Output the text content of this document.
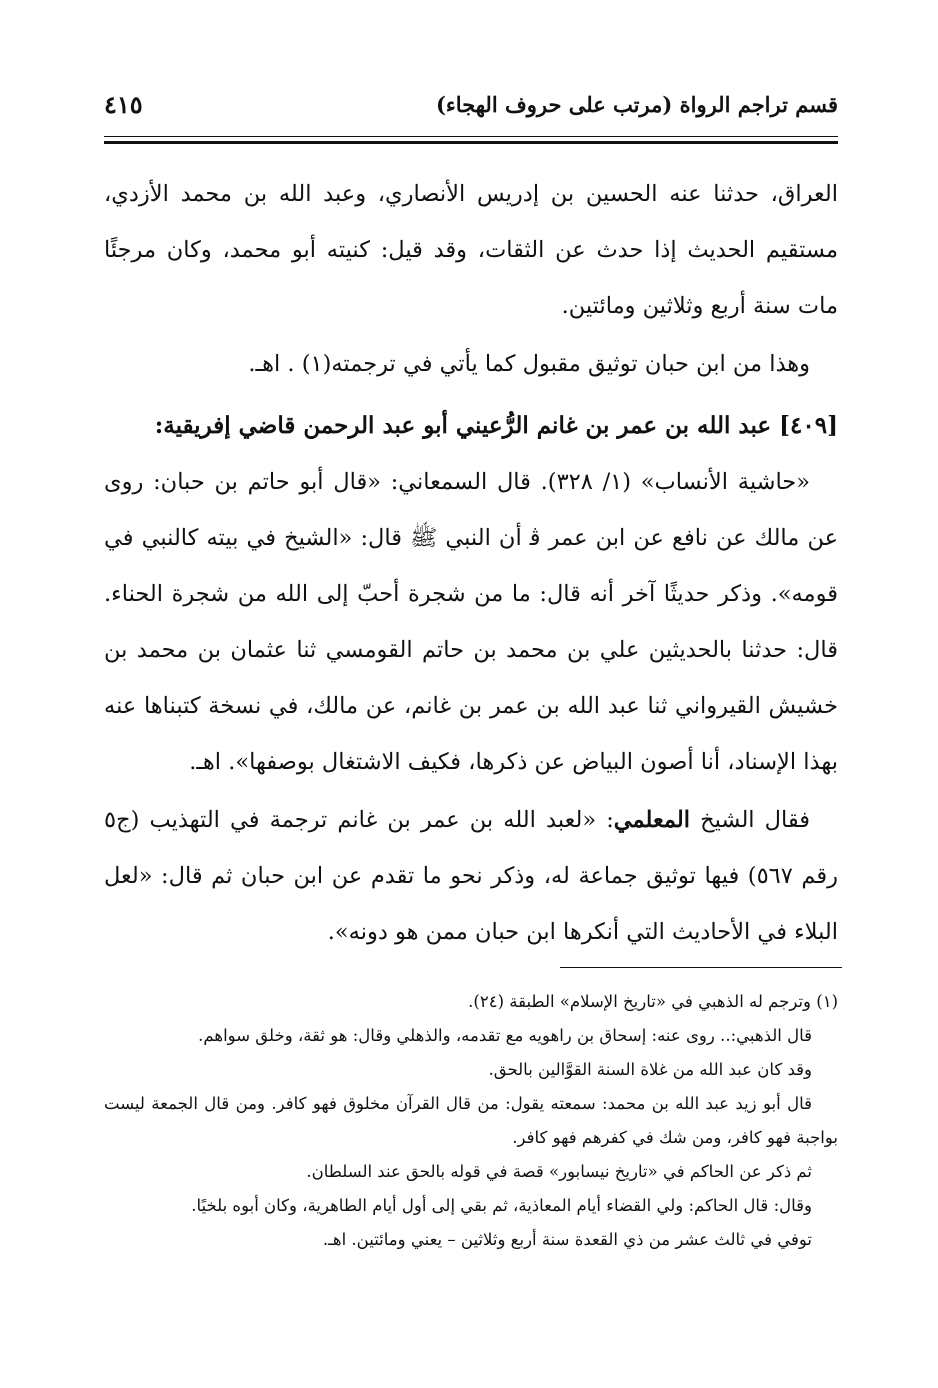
قسم تراجم الرواة (مرتب على حروف الهجاء)
٤١٥

العراق، حدثنا عنه الحسين بن إدريس الأنصاري، وعبد الله بن محمد الأزدي، مستقيم الحديث إذا حدث عن الثقات، وقد قيل: كنيته أبو محمد، وكان مرجئًا مات سنة أربع وثلاثين ومائتين.

وهذا من ابن حبان توثيق مقبول كما يأتي في ترجمته(١) . اهـ.

[٤٠٩] عبد الله بن عمر بن غانم الرُّعيني أبو عبد الرحمن قاضي إفريقية:

«حاشية الأنساب» (١/ ٣٢٨). قال السمعاني: «قال أبو حاتم بن حبان: روى عن مالك عن نافع عن ابن عمر ﭬ أن النبي ﷺ قال: «الشيخ في بيته كالنبي في قومه». وذكر حديثًا آخر أنه قال: ما من شجرة أحبّ إلى الله من شجرة الحناء. قال: حدثنا بالحديثين علي بن محمد بن حاتم القومسي ثنا عثمان بن محمد بن خشيش القيرواني ثنا عبد الله بن عمر بن غانم، عن مالك، في نسخة كتبناها عنه بهذا الإسناد، أنا أصون البياض عن ذكرها، فكيف الاشتغال بوصفها». اهـ.

فقال الشيخ المعلمي: «لعبد الله بن عمر بن غانم ترجمة في التهذيب (ج٥ رقم ٥٦٧) فيها توثيق جماعة له، وذكر نحو ما تقدم عن ابن حبان ثم قال: «لعل البلاء في الأحاديث التي أنكرها ابن حبان ممن هو دونه».

(١) وترجم له الذهبي في «تاريخ الإسلام» الطبقة (٢٤).

قال الذهبي:.. روى عنه: إسحاق بن راهويه مع تقدمه، والذهلي وقال: هو ثقة، وخلق سواهم.

وقد كان عبد الله من غلاة السنة القوَّالين بالحق.

قال أبو زيد عبد الله بن محمد: سمعته يقول: من قال القرآن مخلوق فهو كافر. ومن قال الجمعة ليست بواجبة فهو كافر، ومن شك في كفرهم فهو كافر.

ثم ذكر عن الحاكم في «تاريخ نيسابور» قصة في قوله بالحق عند السلطان.

وقال: قال الحاكم: ولي القضاء أيام المعاذية، ثم بقي إلى أول أيام الطاهرية، وكان أبوه بلخيًا.

توفي في ثالث عشر من ذي القعدة سنة أربع وثلاثين – يعني ومائتين. اهـ.
